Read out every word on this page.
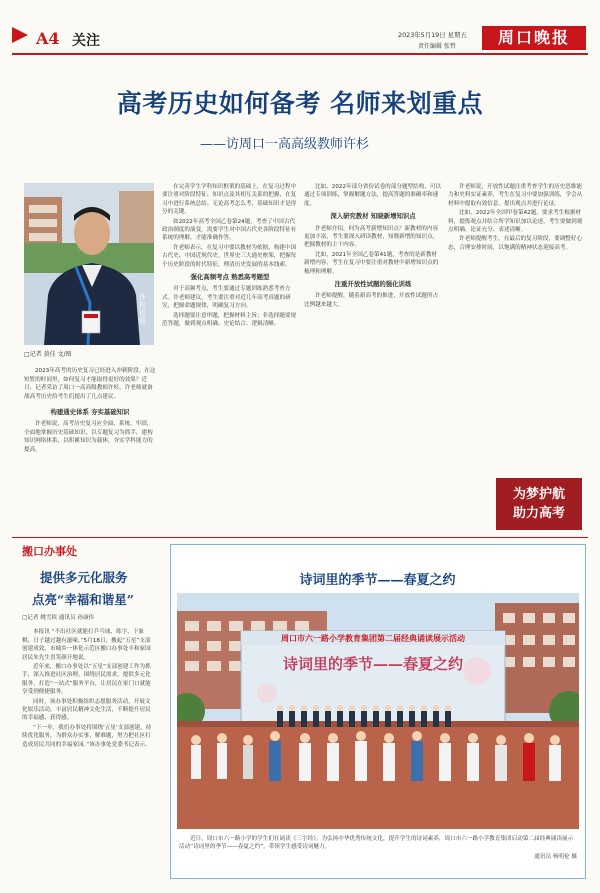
A4 关注	2023年5月19日 星期五
责任编辑 张哲	周口晚报
高考历史如何备考 名师来划重点
——访周口一高高级教师许杉
许杉近照
□记者 黄佳 文/图

2023年高考的历史复习已经进入冲刺阶段。在这短暂的时间里，如何复习才能取得更好的效果？近日，记者采访了周口一高高级教师许杉，许老师就备战高考历史给考生们提出了几点建议。

构建通史体系 夯实基础知识

许老师说，高考历史复习应全面、系统、牢固，全面地掌握历史基础知识，以专题复习为抓手，建构知识网络体系，以积累知识为载体，夯实学科能力的提高。

在完善学生学科知识框架的基础上，在复习过程中要注重对阶段特征、知识点及其相互关系的把握，在复习中进行系统总结。无论高考怎么考，基础知识才是得分的关键。

如2022年高考全国乙卷第24题，考查了中国古代政治制度的演变，需要学生对中国古代史各阶段特征有系统的理解，才能准确作答。

许老师表示，在复习中要以教材为依据，构建中国古代史、中国近现代史、世界史三大通史框架，把握每个历史阶段的时代特征，理清历史发展的基本线索。

强化高频考点 熟悉高考题型

对于高频考点，考生要通过专题训练熟悉考查方式。许老师建议，考生要注重对近几年高考真题的研究，把握命题规律，明确复习方向。

选择题要注意审题，把握材料主旨；非选择题要规范答题，做到观点明确、史论结合、逻辑清晰。

比如，2022年部分省份试卷的部分题型结构，可以通过专项训练，掌握解题方法，提高答题的准确率和速度。

深入研究教材 知晓新增知识点

许老师介绍，何为高考新增知识点？新教材的内容更加丰富，考生要深入研读教材，知晓新增的知识点，把握教材的主干内容。

比如，2021年全国乙卷第41题，考查的是新教材新增内容，考生在复习中要注重对教材中新增知识点的梳理和理解。

注重开放性试题的强化训练

许老师提醒，随着新高考的推进，开放性试题所占比例越来越大。

许老师说，开放性试题注重考查学生的历史思维能力和史料实证素养，考生在复习中要加强训练，学会从材料中提取有效信息，提出观点并进行论证。

比如，2022年全国甲卷第42题，要求考生根据材料，提炼观点并结合所学知识加以论述，考生要做到观点明确、论证充分、表述清晰。

许老师提醒考生，在最后的复习阶段，要调整好心态，合理安排时间，以饱满的精神状态迎接高考。

为梦护航
助力高考
搬口办事处
提供多元化服务
点亮“幸福和谐星”
□记者 姚雪傧 通讯员 孙康伟

本报讯 “不出社区就能打乒乓球、练字、下象棋，日子越过越有滋味。”5月18日，搬起“五星”支部创建成效，市城乡一体化示范区搬口办事处丰和家园居民朱先生喜笑颜开地说。

近年来，搬口办事处以“五星”支部创建工作为抓手，深入推进社区治理，围绕居民需求，提供多元化服务，打造“一站式”服务平台，让居民在家门口就能享受到便捷服务。

同时，该办事处积极组织志愿服务活动，开展文化娱乐活动，丰富居民精神文化生活，不断提升居民的幸福感、获得感。

“下一步，我们办事处将围绕‘五星’支部创建，持续优化服务，为群众办实事、解难题，努力把社区打造成居民共同的幸福家园。”该办事处党委书记表示。

诗词里的季节——春夏之约
周口市六一路小学教育集团第二届经典诵读展示活动
诗词里的季节——春夏之约

近日，周口市六一路小学的学生们在诵读《三字经》。为弘扬中华优秀传统文化，提升学生的诗词素养，周口市六一路小学教育集团启动第二届经典诵读展示活动“诗词里的季节——春夏之约”，带领学生感受诗词魅力。

通讯员 杨明伦 摄
